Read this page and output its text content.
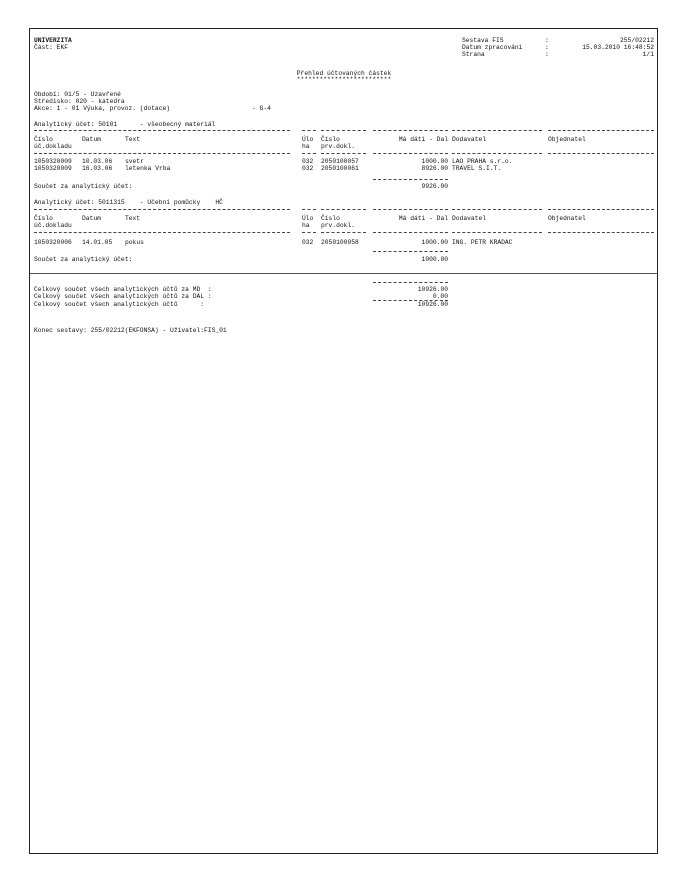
UNIVERZITA
Část: EKF
Sestava FIS	:	255/02212
Datum zpracování	:	15.03.2010 16:48:52
Strana	:	1/1
Přehled účtovaných částek
*************************
Období: 01/5 - Uzavřené
Středisko: 020 - katedra
Akce: 1 - 01 Výuka, provoz. (dotace)	- G-4
Analytický účet: 50101      - všeobecný materiál
Číslo
úč.dokladu
Datum	Text	Úlo
ha
Číslo
prv.dokl.
Má dáti - Dal Dodavatel	Objednatel
1050320009 10.03.06 svetr	032 2050100057	1000.00 LAO PRAHA s.r.o.
1050320009 16.03.06 letenka Vrba	032 2050100061	8926.00 TRAVEL S.I.T.
Součet za analytický účet:	9926.00
Analytický účet: 5011315    - Učební pomůcky    HČ
Číslo
úč.dokladu
Datum	Text	Úlo
ha
Číslo
prv.dokl.
Má dáti - Dal Dodavatel	Objednatel
1050320006 14.01.05 pokus	032 2050100058	1000.00 ING. PETR KRADAC
Součet za analytický účet:	1000.00
Celkový součet všech analytických účtů za MD  :	10926.00
Celkový součet všech analytických účtů za DAL :	0.00
Celkový součet všech analytických účtů      :	10926.00
Konec sestavy: 255/02212(EKFONSA) - Uživatel:FIS_01
